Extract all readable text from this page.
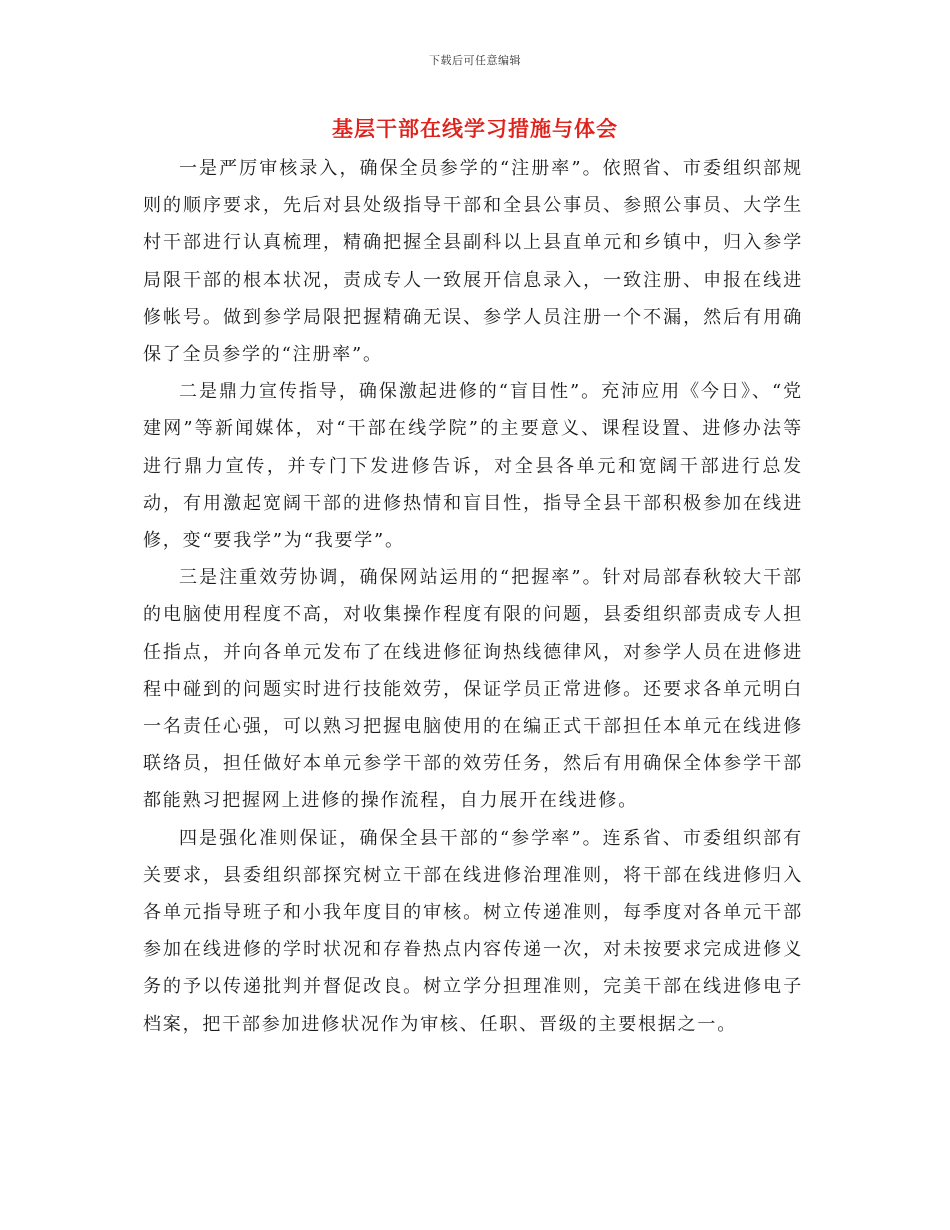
下载后可任意编辑
基层干部在线学习措施与体会

一是严厉审核录入，确保全员参学的“注册率”。依照省、市委组织部规则的顺序要求，先后对县处级指导干部和全县公事员、参照公事员、大学生村干部进行认真梳理，精确把握全县副科以上县直单元和乡镇中，归入参学局限干部的根本状况，责成专人一致展开信息录入，一致注册、申报在线进修帐号。做到参学局限把握精确无误、参学人员注册一个不漏，然后有用确保了全员参学的“注册率”。

二是鼎力宣传指导，确保激起进修的“盲目性”。充沛应用《今日》、“党建网”等新闻媒体，对“干部在线学院”的主要意义、课程设置、进修办法等进行鼎力宣传，并专门下发进修告诉，对全县各单元和宽阔干部进行总发动，有用激起宽阔干部的进修热情和盲目性，指导全县干部积极参加在线进修，变“要我学”为“我要学”。

三是注重效劳协调，确保网站运用的“把握率”。针对局部春秋较大干部的电脑使用程度不高，对收集操作程度有限的问题，县委组织部责成专人担任指点，并向各单元发布了在线进修征询热线德律风，对参学人员在进修进程中碰到的问题实时进行技能效劳，保证学员正常进修。还要求各单元明白一名责任心强，可以熟习把握电脑使用的在编正式干部担任本单元在线进修联络员，担任做好本单元参学干部的效劳任务，然后有用确保全体参学干部都能熟习把握网上进修的操作流程，自力展开在线进修。

四是强化准则保证，确保全县干部的“参学率”。连系省、市委组织部有关要求，县委组织部探究树立干部在线进修治理准则，将干部在线进修归入各单元指导班子和小我年度目的审核。树立传递准则，每季度对各单元干部参加在线进修的学时状况和存眷热点内容传递一次，对未按要求完成进修义务的予以传递批判并督促改良。树立学分担理准则，完美干部在线进修电子档案，把干部参加进修状况作为审核、任职、晋级的主要根据之一。
